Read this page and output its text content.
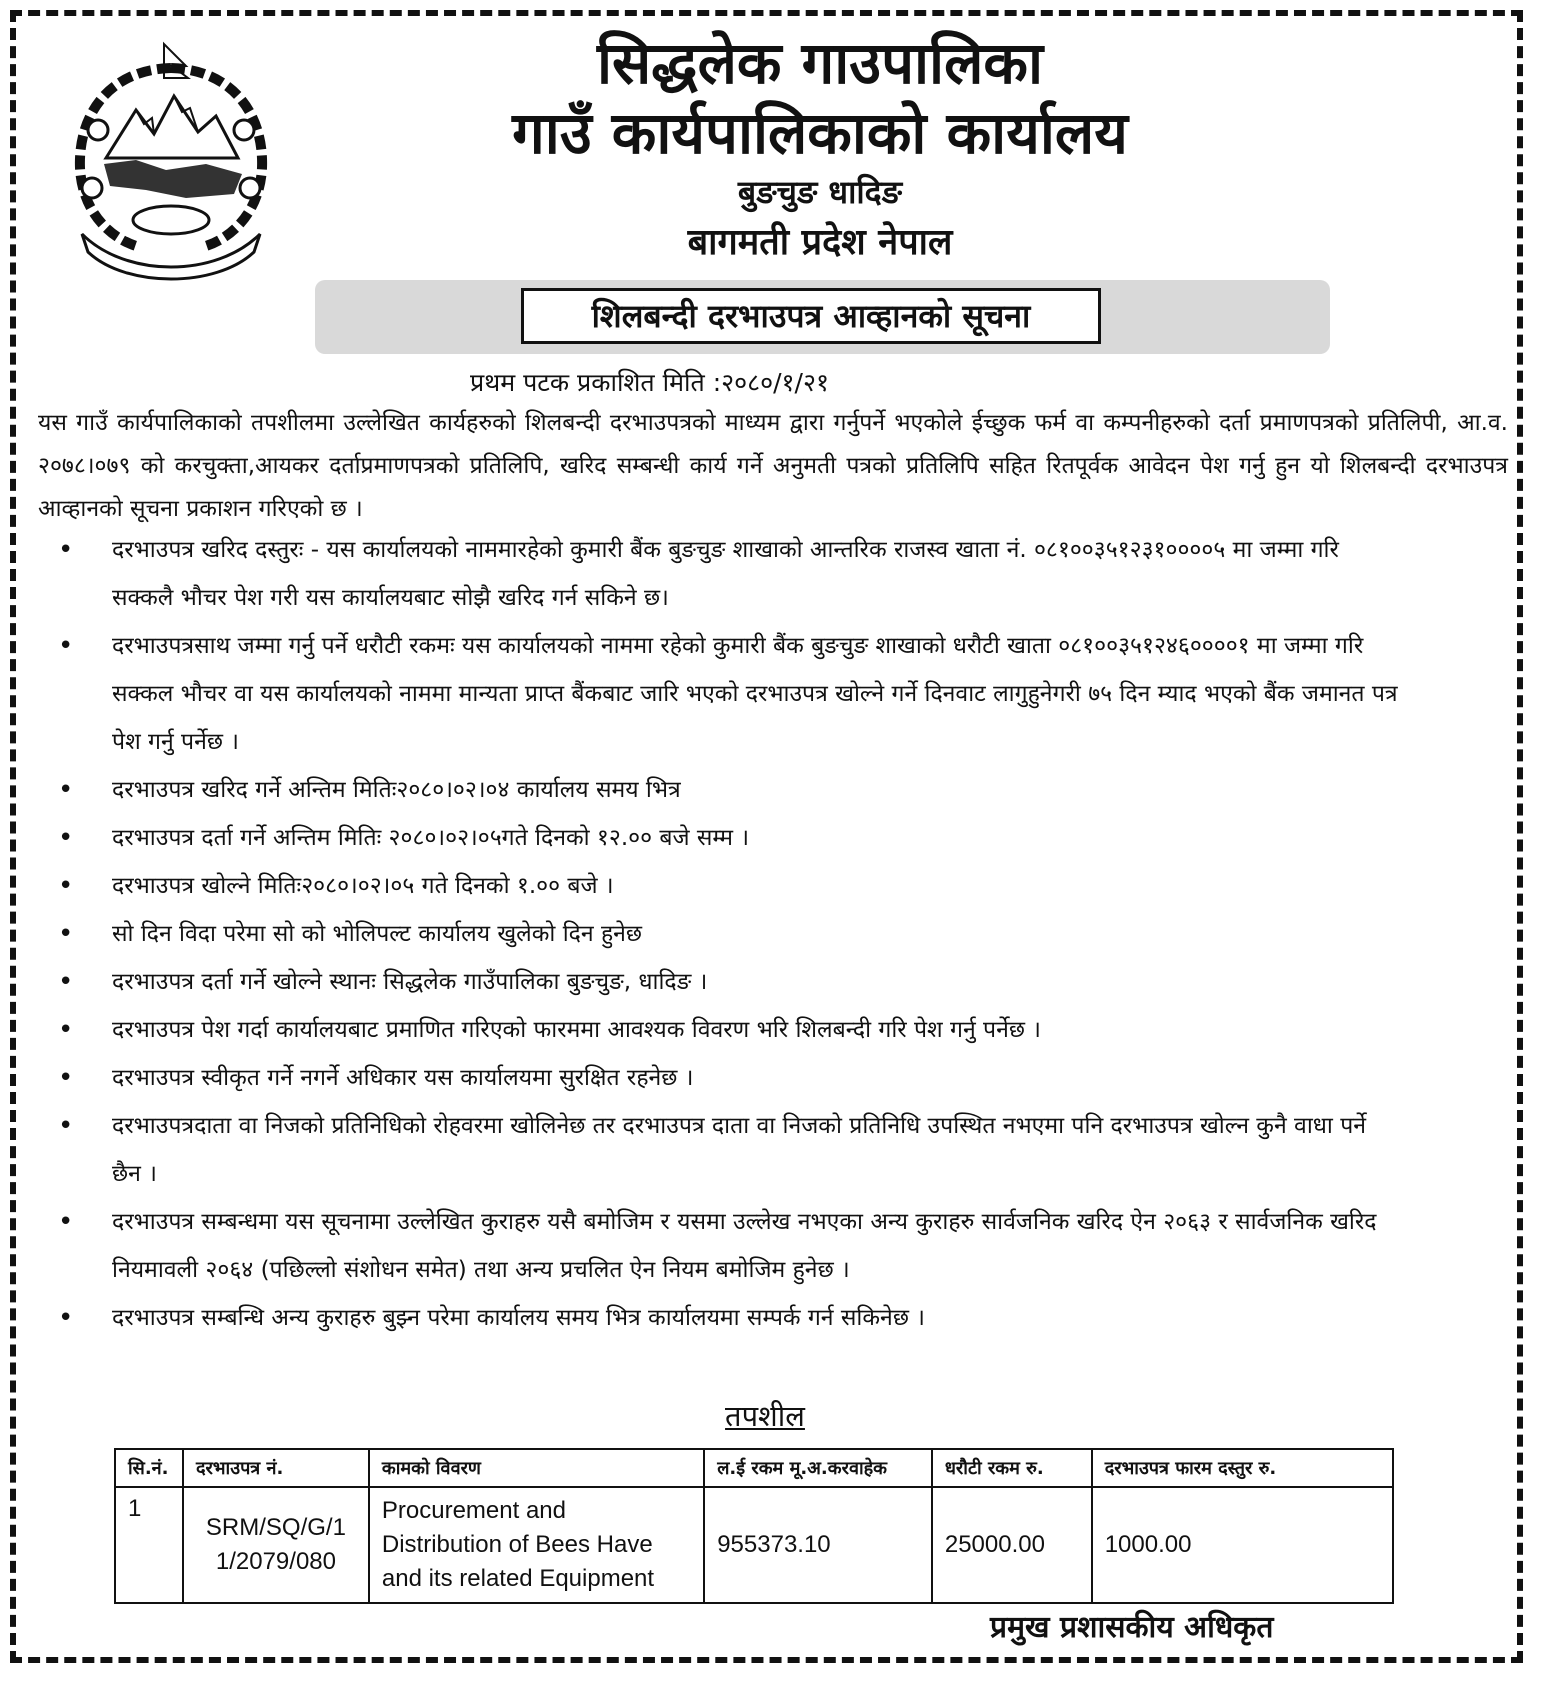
सिद्धलेक गाउपालिका
गाउँ कार्यपालिकाको कार्यालय
बुङचुङ धादिङ
बागमती प्रदेश नेपाल
शिलबन्दी दरभाउपत्र आव्हानको सूचना
प्रथम पटक प्रकाशित मिति :२०८०/१/२१

यस गाउँ कार्यपालिकाको तपशीलमा उल्लेखित कार्यहरुको शिलबन्दी दरभाउपत्रको माध्यम द्वारा गर्नुपर्ने भएकोले ईच्छुक फर्म वा कम्पनीहरुको दर्ता प्रमाणपत्रको प्रतिलिपी, आ.व. २०७८।०७९ को करचुक्ता,आयकर दर्ताप्रमाणपत्रको प्रतिलिपि, खरिद सम्बन्धी कार्य गर्ने अनुमती पत्रको प्रतिलिपि सहित रितपूर्वक आवेदन पेश गर्नु हुन यो शिलबन्दी दरभाउपत्र आव्हानको सूचना प्रकाशन गरिएको छ ।

• दरभाउपत्र खरिद दस्तुरः - यस कार्यालयको नाममारहेको कुमारी बैंक बुङचुङ शाखाको आन्तरिक राजस्व खाता नं. ०८१००३५१२३१००००५ मा जम्मा गरि सक्कलै भौचर पेश गरी यस कार्यालयबाट सोझै खरिद गर्न सकिने छ।
• दरभाउपत्रसाथ जम्मा गर्नु पर्ने धरौटी रकमः यस कार्यालयको नाममा रहेको कुमारी बैंक बुङचुङ शाखाको धरौटी खाता ०८१००३५१२४६००००१ मा जम्मा गरि सक्कल भौचर वा यस कार्यालयको नाममा मान्यता प्राप्त बैंकबाट जारि भएको दरभाउपत्र खोल्ने गर्ने दिनवाट लागुहुनेगरी ७५ दिन म्याद भएको बैंक जमानत पत्र पेश गर्नु पर्नेछ ।
• दरभाउपत्र खरिद गर्ने अन्तिम मितिः२०८०।०२।०४ कार्यालय समय भित्र
• दरभाउपत्र दर्ता गर्ने अन्तिम मितिः २०८०।०२।०५गते दिनको १२.०० बजे सम्म ।
• दरभाउपत्र खोल्ने मितिः२०८०।०२।०५ गते दिनको १.०० बजे ।
• सो दिन विदा परेमा सो को भोलिपल्ट कार्यालय खुलेको दिन हुनेछ
• दरभाउपत्र दर्ता गर्ने खोल्ने स्थानः सिद्धलेक गाउँपालिका बुङचुङ, धादिङ ।
• दरभाउपत्र पेश गर्दा कार्यालयबाट प्रमाणित गरिएको फारममा आवश्यक विवरण भरि शिलबन्दी गरि पेश गर्नु पर्नेछ ।
• दरभाउपत्र स्वीकृत गर्ने नगर्ने अधिकार यस कार्यालयमा सुरक्षित रहनेछ ।
• दरभाउपत्रदाता वा निजको प्रतिनिधिको रोहवरमा खोलिनेछ तर दरभाउपत्र दाता वा निजको प्रतिनिधि उपस्थित नभएमा पनि दरभाउपत्र खोल्न कुनै वाधा पर्ने छैन ।
• दरभाउपत्र सम्बन्धमा यस सूचनामा उल्लेखित कुराहरु यसै बमोजिम र यसमा उल्लेख नभएका अन्य कुराहरु सार्वजनिक खरिद ऐन २०६३ र सार्वजनिक खरिद नियमावली २०६४ (पछिल्लो संशोधन समेत) तथा अन्य प्रचलित ऐन नियम बमोजिम हुनेछ ।
• दरभाउपत्र सम्बन्धि अन्य कुराहरु बुझ्न परेमा कार्यालय समय भित्र कार्यालयमा सम्पर्क गर्न सकिनेछ ।
तपशील
सि.नं.	दरभाउपत्र नं.	कामको विवरण	ल.ई रकम मू.अ.करवाहेक	धरौटी रकम रु.	दरभाउपत्र फारम दस्तुर रु.
1	SRM/SQ/G/1 1/2079/080	Procurement and Distribution of Bees Have and its related Equipment	955373.10	25000.00	1000.00
प्रमुख प्रशासकीय अधिकृत
